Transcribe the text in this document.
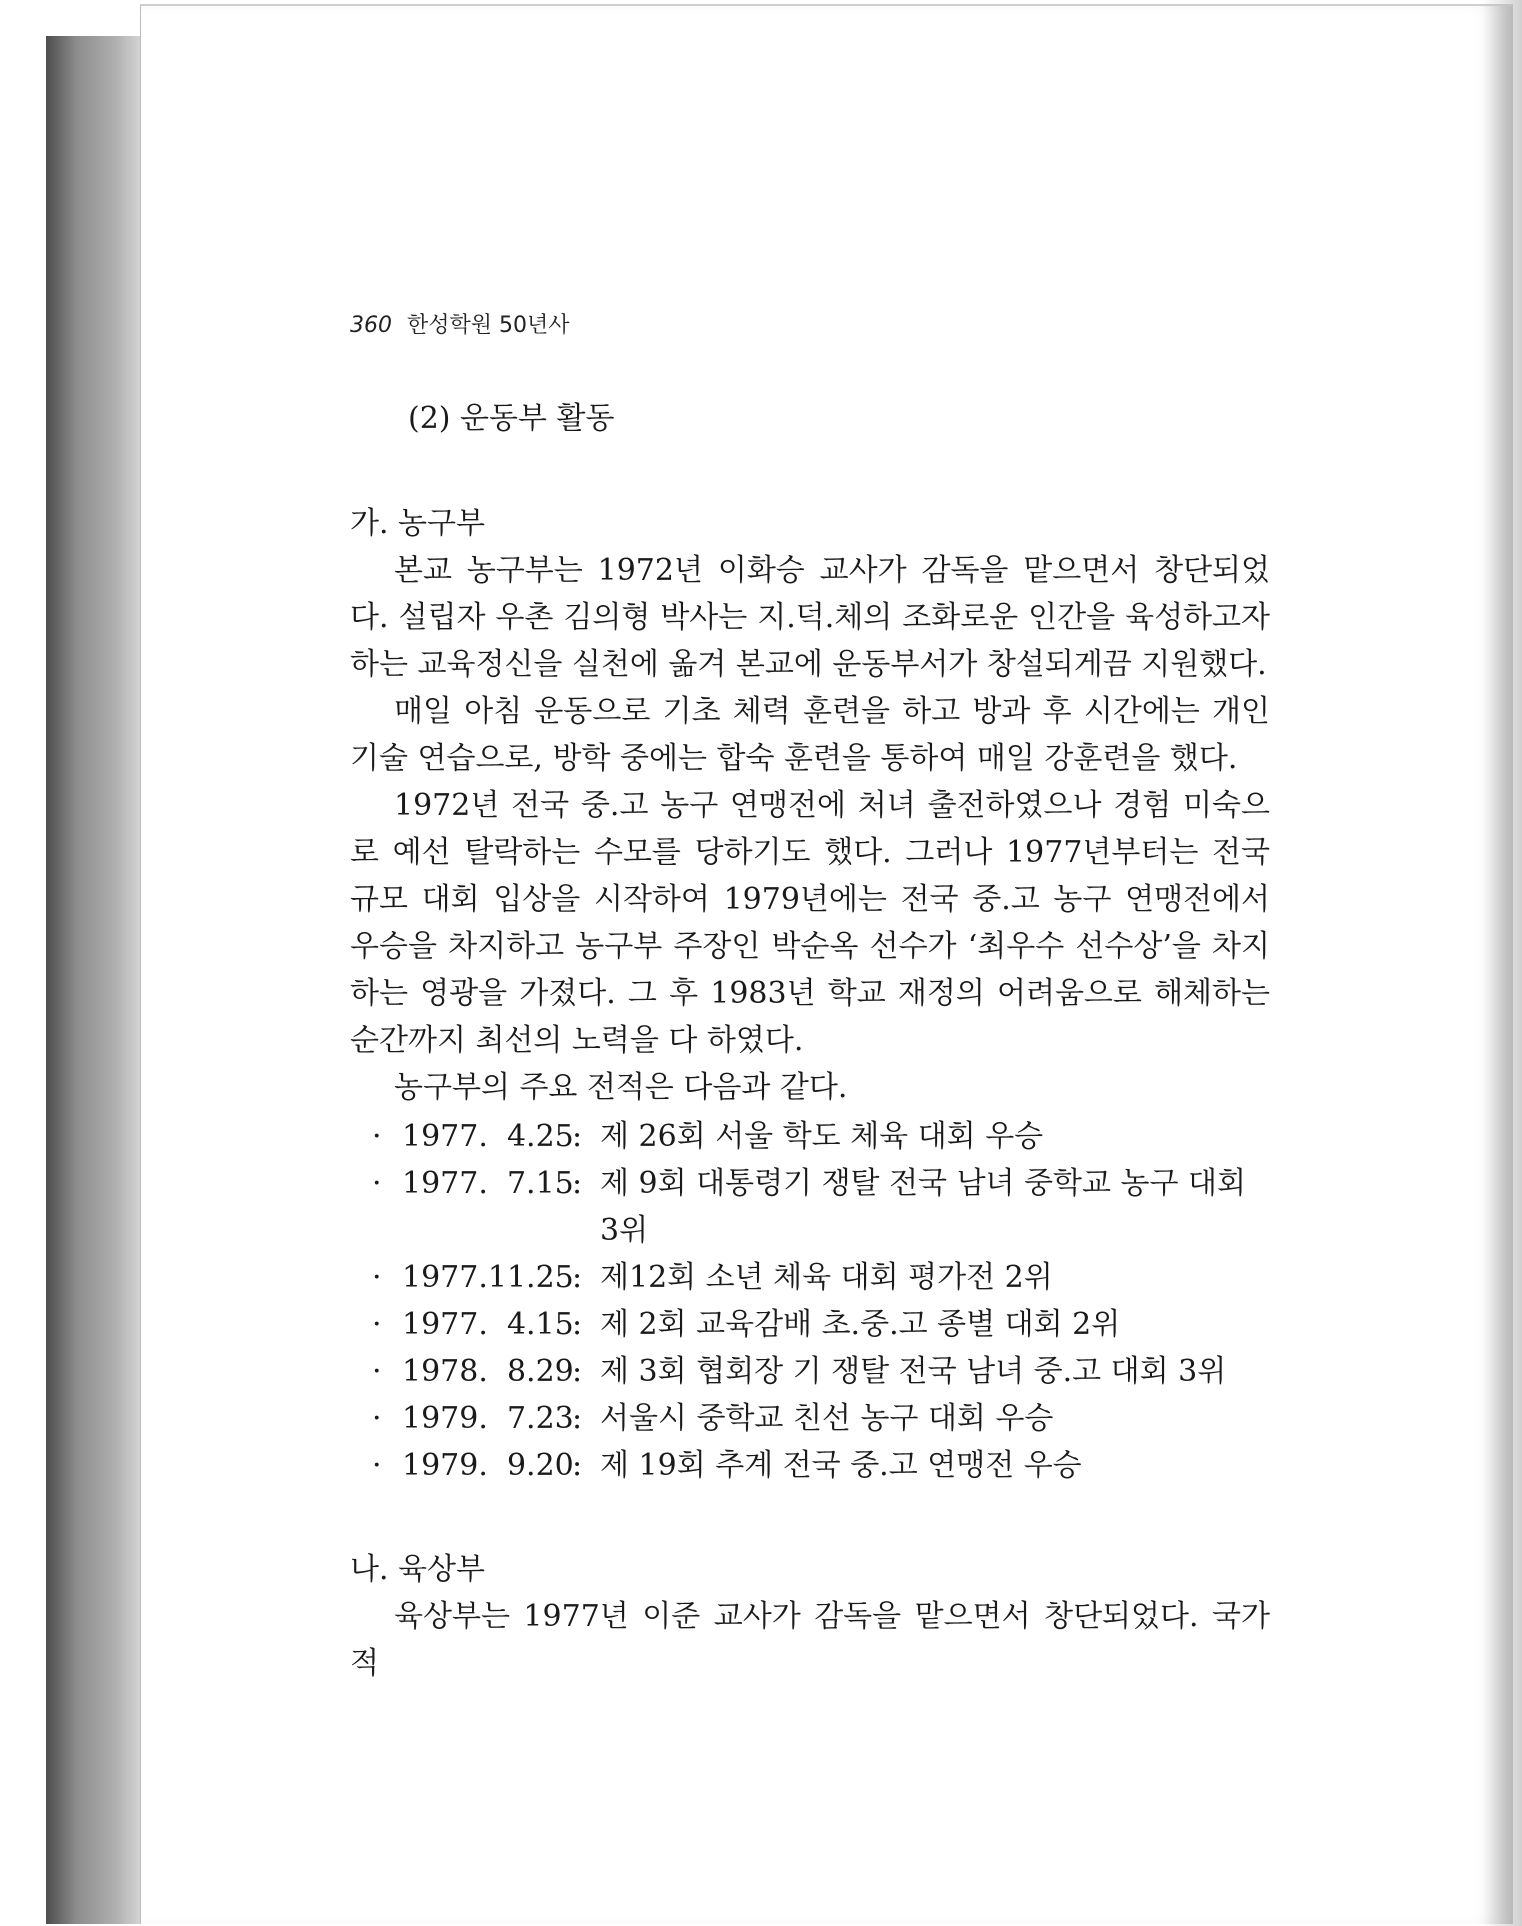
360 한성학원 50년사
(2) 운동부 활동
가. 농구부

본교 농구부는 1972년 이화승 교사가 감독을 맡으면서 창단되었다. 설립자 우촌 김의형 박사는 지.덕.체의 조화로운 인간을 육성하고자 하는 교육정신을 실천에 옮겨 본교에 운동부서가 창설되게끔 지원했다.

매일 아침 운동으로 기초 체력 훈련을 하고 방과 후 시간에는 개인 기술 연습으로, 방학 중에는 합숙 훈련을 통하여 매일 강훈련을 했다.

1972년 전국 중.고 농구 연맹전에 처녀 출전하였으나 경험 미숙으로 예선 탈락하는 수모를 당하기도 했다. 그러나 1977년부터는 전국 규모 대회 입상을 시작하여 1979년에는 전국 중.고 농구 연맹전에서 우승을 차지하고 농구부 주장인 박순옥 선수가 ‘최우수 선수상’을 차지하는 영광을 가졌다. 그 후 1983년 학교 재정의 어려움으로 해체하는 순간까지 최선의 노력을 다 하였다.

농구부의 주요 전적은 다음과 같다.

· 1977.  4.25
: 제 26회 서울 학도 체육 대회 우승
· 1977.  7.15
: 제 9회 대통령기 쟁탈 전국 남녀 중학교 농구 대회 3위
· 1977.11.25
: 제12회 소년 체육 대회 평가전 2위
· 1977.  4.15
: 제 2회 교육감배 초.중.고 종별 대회 2위
· 1978.  8.29
: 제 3회 협회장 기 쟁탈 전국 남녀 중.고 대회 3위
· 1979.  7.23
: 서울시 중학교 친선 농구 대회 우승
· 1979.  9.20
: 제 19회 추계 전국 중.고 연맹전 우승
나. 육상부

육상부는 1977년 이준 교사가 감독을 맡으면서 창단되었다. 국가적
